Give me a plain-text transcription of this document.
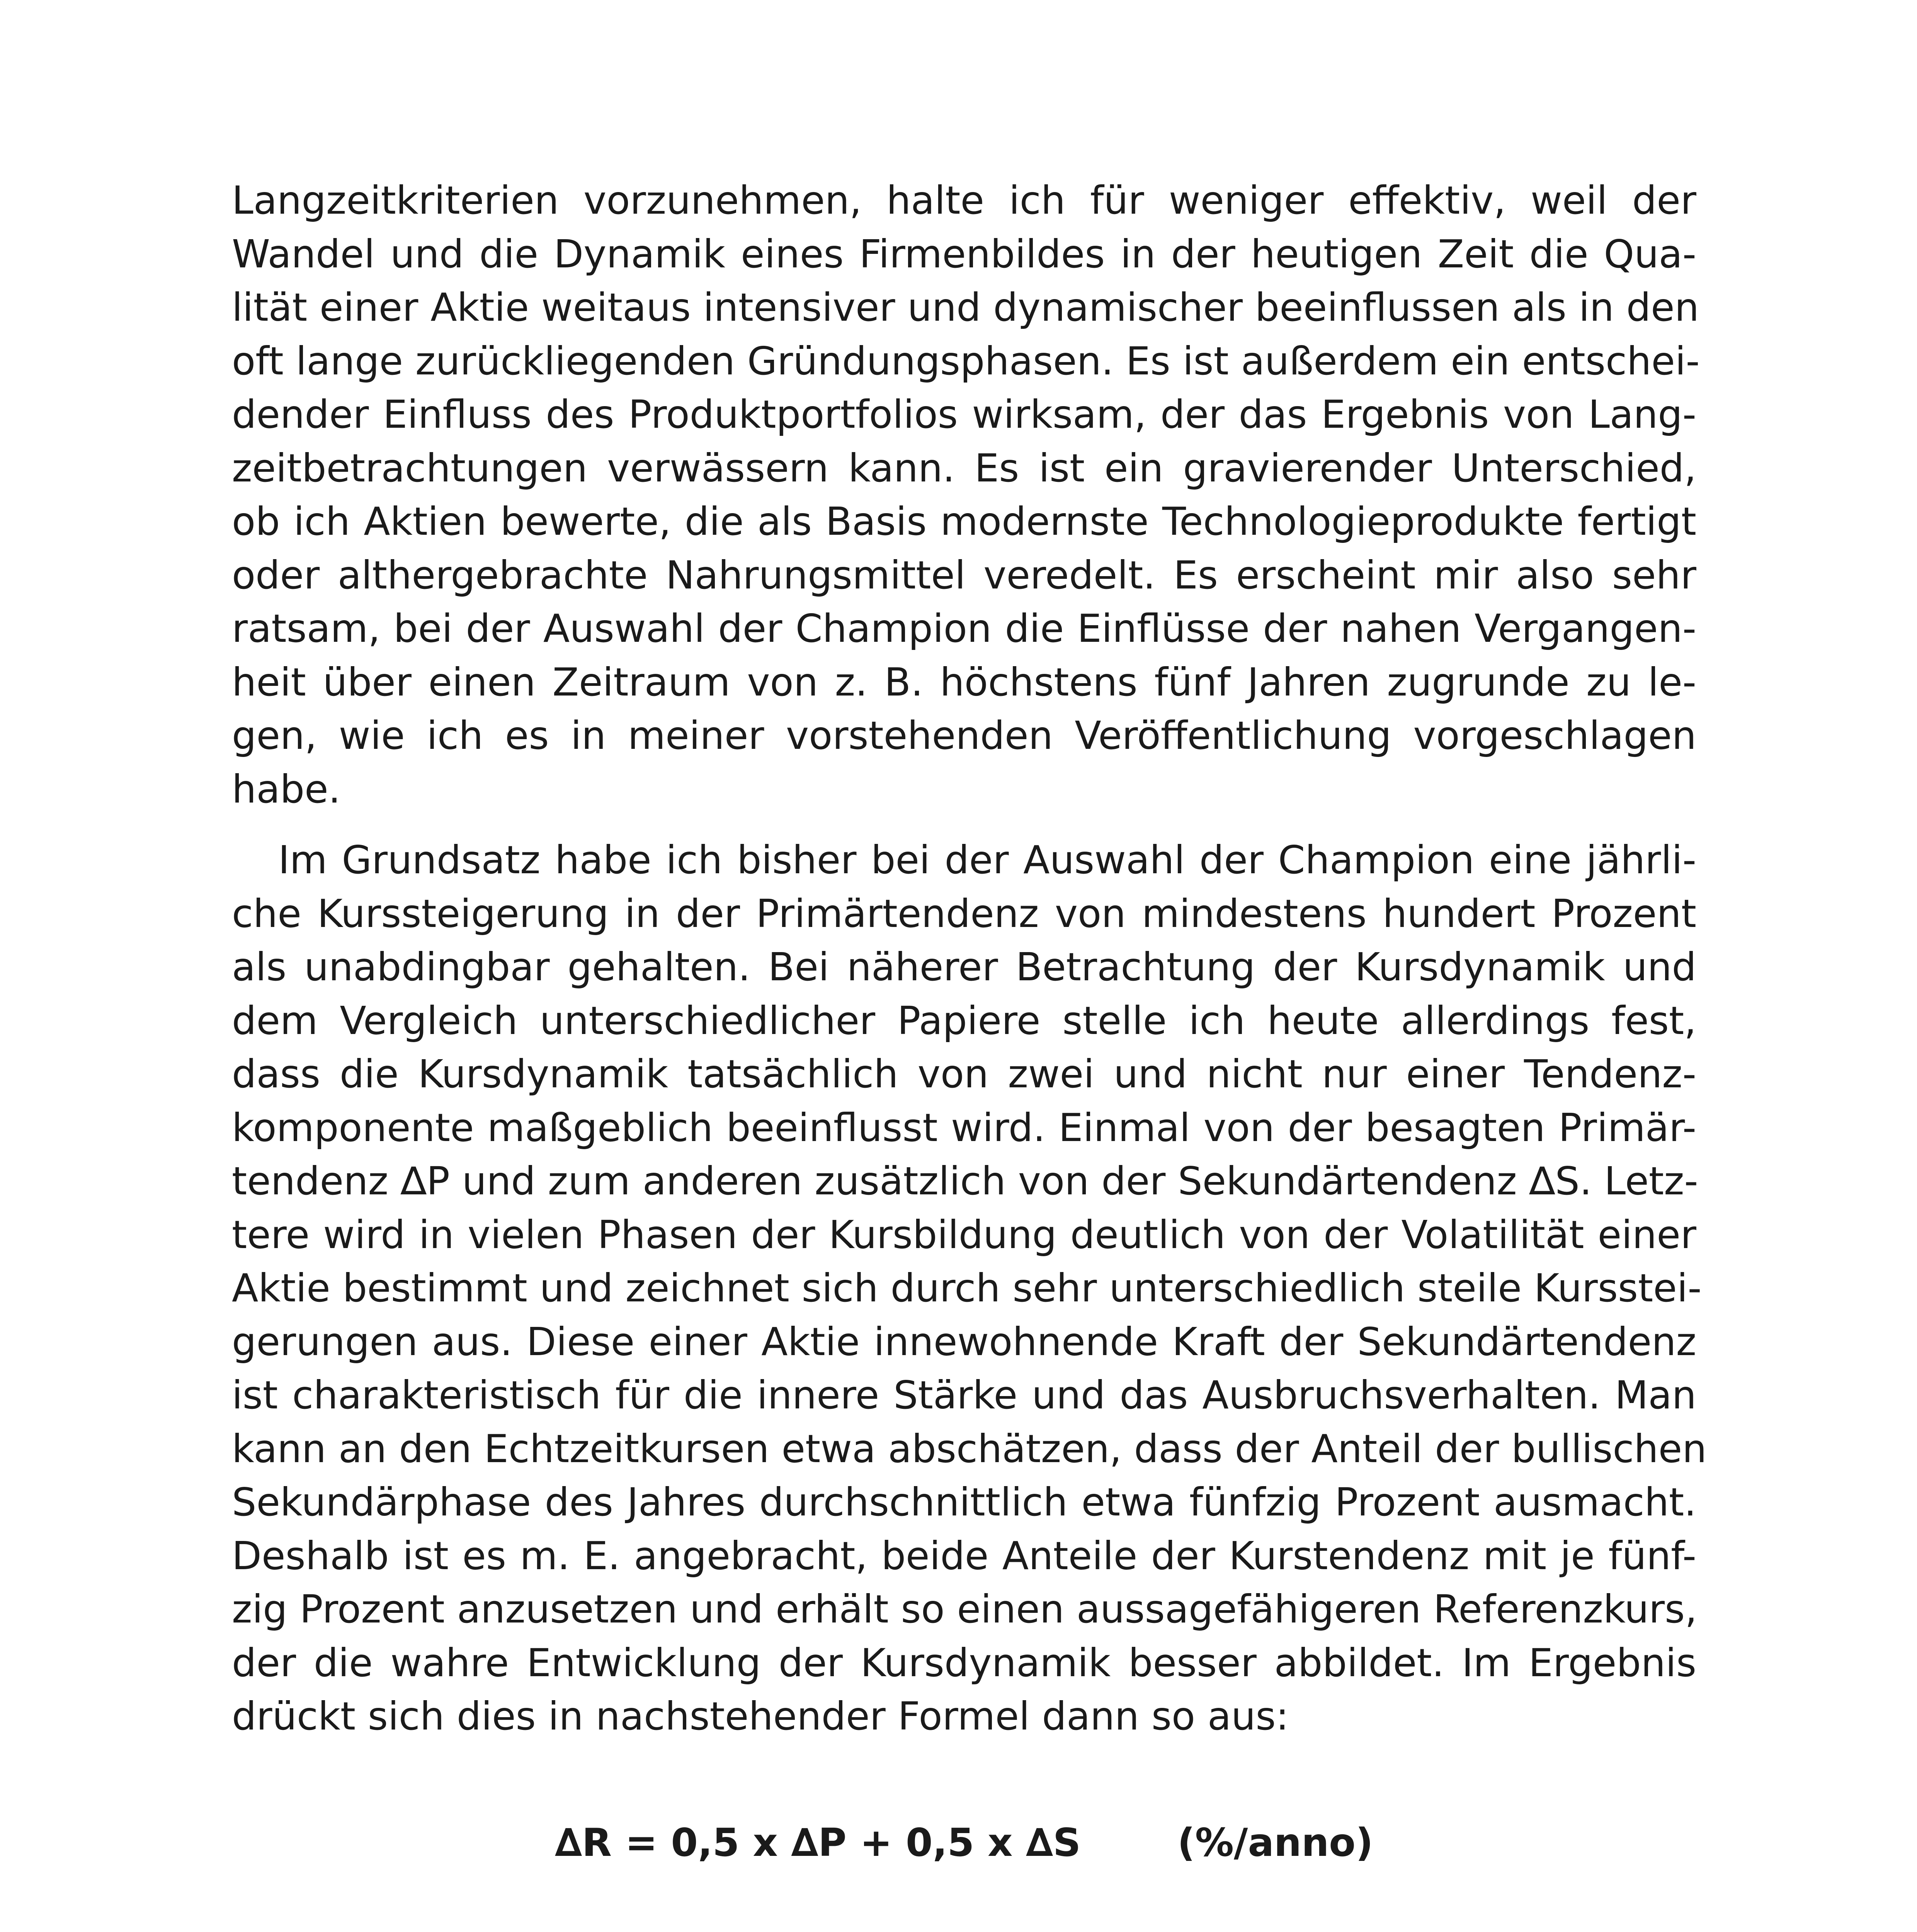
Langzeitkriterien vorzunehmen, halte ich für weniger effektiv, weil der
Wandel und die Dynamik eines Firmenbildes in der heutigen Zeit die Qua-
lität einer Aktie weitaus intensiver und dynamischer beeinflussen als in den
oft lange zurückliegenden Gründungsphasen. Es ist außerdem ein entschei-
dender Einfluss des Produktportfolios wirksam, der das Ergebnis von Lang-
zeitbetrachtungen verwässern kann. Es ist ein gravierender Unterschied,
ob ich Aktien bewerte, die als Basis modernste Technologieprodukte fertigt
oder althergebrachte Nahrungsmittel veredelt. Es erscheint mir also sehr
ratsam, bei der Auswahl der Champion die Einflüsse der nahen Vergangen-
heit über einen Zeitraum von z. B. höchstens fünf Jahren zugrunde zu le-
gen, wie ich es in meiner vorstehenden Veröffentlichung vorgeschlagen
habe.

Im Grundsatz habe ich bisher bei der Auswahl der Champion eine jährli-
che Kurssteigerung in der Primärtendenz von mindestens hundert Prozent
als unabdingbar gehalten. Bei näherer Betrachtung der Kursdynamik und
dem Vergleich unterschiedlicher Papiere stelle ich heute allerdings fest,
dass die Kursdynamik tatsächlich von zwei und nicht nur einer Tendenz-
komponente maßgeblich beeinflusst wird. Einmal von der besagten Primär-
tendenz ∆P und zum anderen zusätzlich von der Sekundärtendenz ∆S. Letz-
tere wird in vielen Phasen der Kursbildung deutlich von der Volatilität einer
Aktie bestimmt und zeichnet sich durch sehr unterschiedlich steile Kursstei-
gerungen aus. Diese einer Aktie innewohnende Kraft der Sekundärtendenz
ist charakteristisch für die innere Stärke und das Ausbruchsverhalten. Man
kann an den Echtzeitkursen etwa abschätzen, dass der Anteil der bullischen
Sekundärphase des Jahres durchschnittlich etwa fünfzig Prozent ausmacht.
Deshalb ist es m. E. angebracht, beide Anteile der Kurstendenz mit je fünf-
zig Prozent anzusetzen und erhält so einen aussagefähigeren Referenzkurs,
der die wahre Entwicklung der Kursdynamik besser abbildet. Im Ergebnis
drückt sich dies in nachstehender Formel dann so aus:

∆R = 0,5 x ∆P + 0,5 x ∆S	(%/anno)
